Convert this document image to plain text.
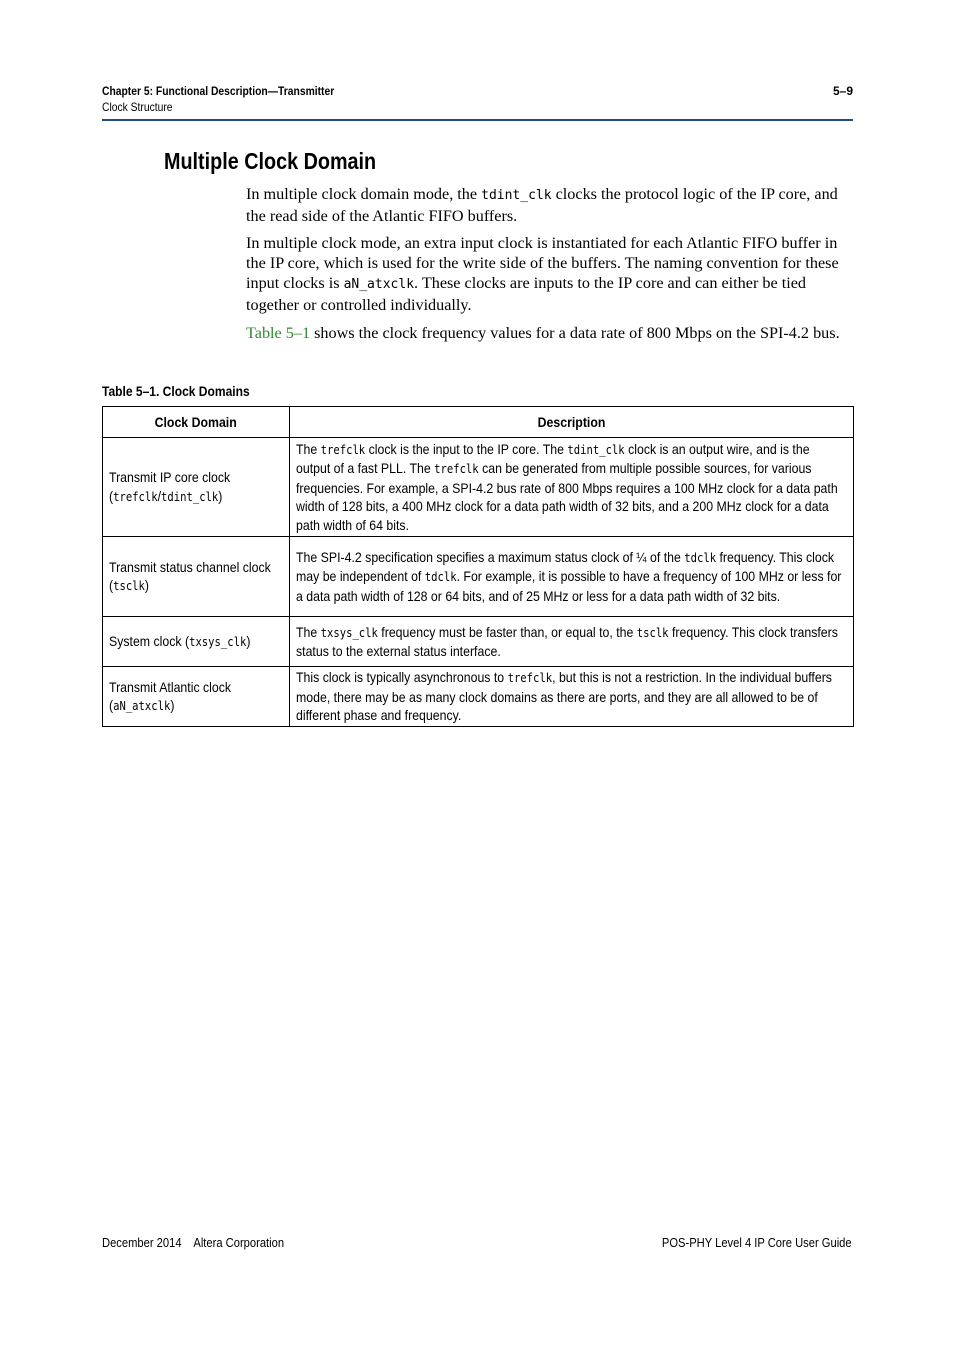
Chapter 5: Functional Description—Transmitter	5–9
Clock Structure
Multiple Clock Domain
In multiple clock domain mode, the tdint_clk clocks the protocol logic of the IP core, and the read side of the Atlantic FIFO buffers.
In multiple clock mode, an extra input clock is instantiated for each Atlantic FIFO buffer in the IP core, which is used for the write side of the buffers. The naming convention for these input clocks is aN_atxclk. These clocks are inputs to the IP core and can either be tied together or controlled individually.
Table 5–1 shows the clock frequency values for a data rate of 800 Mbps on the SPI-4.2 bus.
Table 5–1. Clock Domains
Clock Domain	Description
Transmit IP core clock (trefclk/tdint_clk)	The trefclk clock is the input to the IP core. The tdint_clk clock is an output wire, and is the output of a fast PLL. The trefclk can be generated from multiple possible sources, for various frequencies. For example, a SPI-4.2 bus rate of 800 Mbps requires a 100 MHz clock for a data path width of 128 bits, a 400 MHz clock for a data path width of 32 bits, and a 200 MHz clock for a data path width of 64 bits.
Transmit status channel clock (tsclk)	The SPI-4.2 specification specifies a maximum status clock of ¼ of the tdclk frequency. This clock may be independent of tdclk. For example, it is possible to have a frequency of 100 MHz or less for a data path width of 128 or 64 bits, and of 25 MHz or less for a data path width of 32 bits.
System clock (txsys_clk)	The txsys_clk frequency must be faster than, or equal to, the tsclk frequency. This clock transfers status to the external status interface.
Transmit Atlantic clock (aN_atxclk)	This clock is typically asynchronous to trefclk, but this is not a restriction. In the individual buffers mode, there may be as many clock domains as there are ports, and they are all allowed to be of different phase and frequency.
December 2014    Altera Corporation	POS-PHY Level 4 IP Core User Guide
